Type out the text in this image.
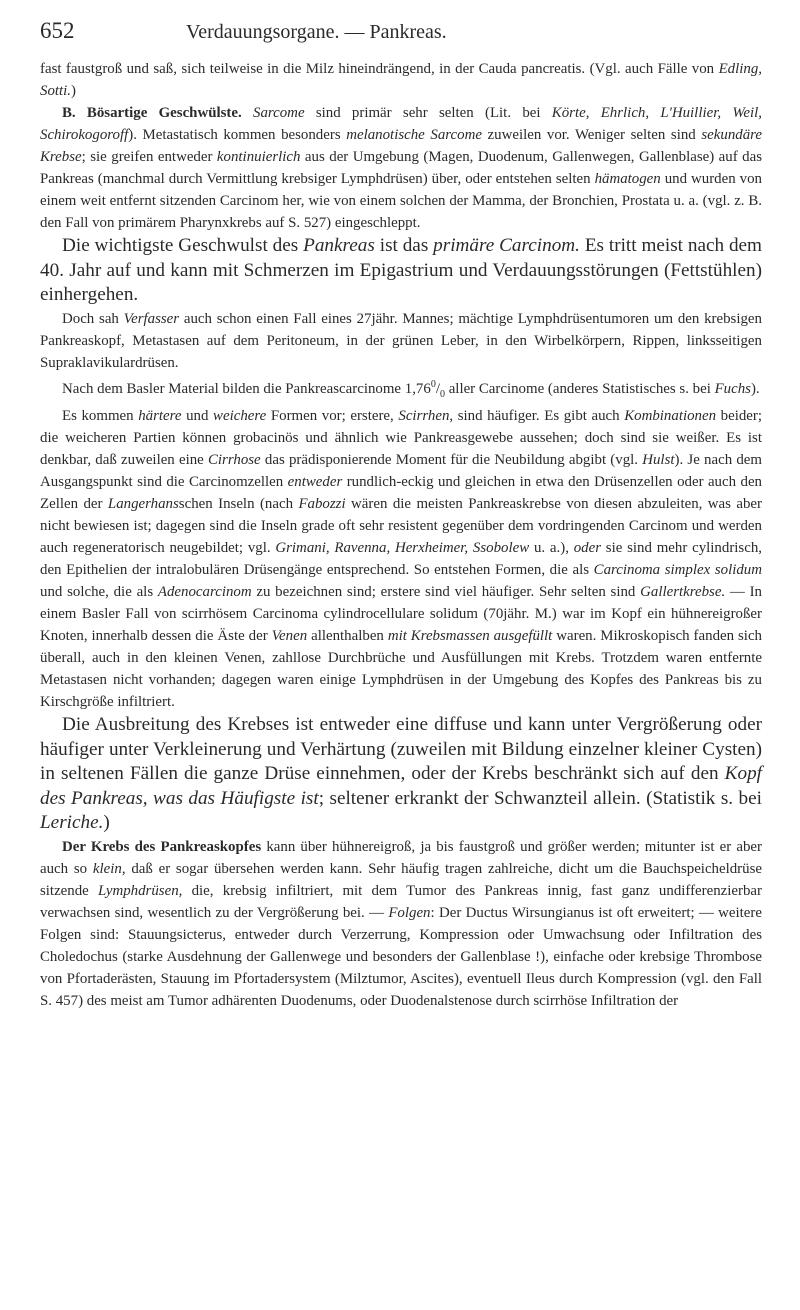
652	Verdauungsorgane. — Pankreas.

fast faustgroß und saß, sich teilweise in die Milz hineindrängend, in der Cauda pancreatis. (Vgl. auch Fälle von Edling, Sotti.)

B. Bösartige Geschwülste. Sarcome sind primär sehr selten (Lit. bei Körte, Ehrlich, L'Huillier, Weil, Schirokogoroff). Metastatisch kommen besonders melanotische Sarcome zuweilen vor. Weniger selten sind sekundäre Krebse; sie greifen entweder kontinuierlich aus der Umgebung (Magen, Duodenum, Gallenwegen, Gallenblase) auf das Pankreas (manchmal durch Vermittlung krebsiger Lymphdrüsen) über, oder entstehen selten hämatogen und wurden von einem weit entfernt sitzenden Carcinom her, wie von einem solchen der Mamma, der Bronchien, Prostata u. a. (vgl. z. B. den Fall von primärem Pharynxkrebs auf S. 527) eingeschleppt.

Die wichtigste Geschwulst des Pankreas ist das primäre Carcinom. Es tritt meist nach dem 40. Jahr auf und kann mit Schmerzen im Epigastrium und Verdauungsstörungen (Fettstühlen) einhergehen.

Doch sah Verfasser auch schon einen Fall eines 27jähr. Mannes; mächtige Lymphdrüsentumoren um den krebsigen Pankreaskopf, Metastasen auf dem Peritoneum, in der grünen Leber, in den Wirbelkörpern, Rippen, linksseitigen Supraklavikulardrüsen.

Nach dem Basler Material bilden die Pankreascarcinome $1,76^0/_0$ aller Carcinome (anderes Statistisches s. bei Fuchs).

Es kommen härtere und weichere Formen vor; erstere, Scirrhen, sind häufiger. Es gibt auch Kombinationen beider; die weicheren Partien können grobacinös und ähnlich wie Pankreasgewebe aussehen; doch sind sie weißer. Es ist denkbar, daß zuweilen eine Cirrhose das prädisponierende Moment für die Neubildung abgibt (vgl. Hulst). Je nach dem Ausgangspunkt sind die Carcinomzellen entweder rundlich-eckig und gleichen in etwa den Drüsenzellen oder auch den Zellen der Langerhansschen Inseln (nach Fabozzi wären die meisten Pankreaskrebse von diesen abzuleiten, was aber nicht bewiesen ist; dagegen sind die Inseln grade oft sehr resistent gegenüber dem vordringenden Carcinom und werden auch regeneratorisch neugebildet; vgl. Grimani, Ravenna, Herxheimer, Ssobolew u. a.), oder sie sind mehr cylindrisch, den Epithelien der intralobulären Drüsengänge entsprechend. So entstehen Formen, die als Carcinoma simplex solidum und solche, die als Adenocarcinom zu bezeichnen sind; erstere sind viel häufiger. Sehr selten sind Gallertkrebse. — In einem Basler Fall von scirrhösem Carcinoma cylindrocellulare solidum (70jähr. M.) war im Kopf ein hühnereigroßer Knoten, innerhalb dessen die Äste der Venen allenthalben mit Krebsmassen ausgefüllt waren. Mikroskopisch fanden sich überall, auch in den kleinen Venen, zahllose Durchbrüche und Ausfüllungen mit Krebs. Trotzdem waren entfernte Metastasen nicht vorhanden; dagegen waren einige Lymphdrüsen in der Umgebung des Kopfes des Pankreas bis zu Kirschgröße infiltriert.

Die Ausbreitung des Krebses ist entweder eine diffuse und kann unter Vergrößerung oder häufiger unter Verkleinerung und Verhärtung (zuweilen mit Bildung einzelner kleiner Cysten) in seltenen Fällen die ganze Drüse einnehmen, oder der Krebs beschränkt sich auf den Kopf des Pankreas, was das Häufigste ist; seltener erkrankt der Schwanzteil allein. (Statistik s. bei Leriche.)

Der Krebs des Pankreaskopfes kann über hühnereigroß, ja bis faustgroß und größer werden; mitunter ist er aber auch so klein, daß er sogar übersehen werden kann. Sehr häufig tragen zahlreiche, dicht um die Bauchspeicheldrüse sitzende Lymphdrüsen, die, krebsig infiltriert, mit dem Tumor des Pankreas innig, fast ganz undifferenzierbar verwachsen sind, wesentlich zu der Vergrößerung bei. — Folgen: Der Ductus Wirsungianus ist oft erweitert; — weitere Folgen sind: Stauungsicterus, entweder durch Verzerrung, Kompression oder Umwachsung oder Infiltration des Choledochus (starke Ausdehnung der Gallenwege und besonders der Gallenblase !), einfache oder krebsige Thrombose von Pfortaderästen, Stauung im Pfortadersystem (Milztumor, Ascites), eventuell Ileus durch Kompression (vgl. den Fall S. 457) des meist am Tumor adhärenten Duodenums, oder Duodenalstenose durch scirrhöse Infiltration der
